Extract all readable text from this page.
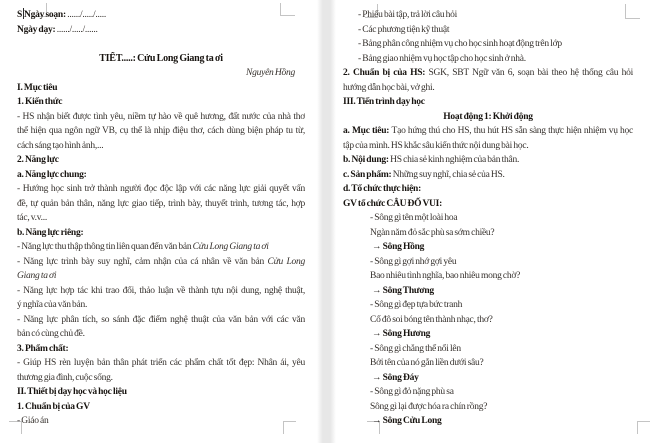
S Ngày soạn: ....../...../.....
Ngày dạy: ....../...../......
TIẾT.....: Cửu Long Giang ta ơi
Nguyên Hồng
I. Mục tiêu
1. Kiến thức
- HS nhận biết được tình yêu, niềm tự hào về quê hương, đất nước của nhà thơ
thể hiện qua ngôn ngữ VB, cụ thể là nhịp điệu thơ, cách dùng biện pháp tu từ,
cách sáng tạo hình ảnh,...
2. Năng lực
a. Năng lực chung:
- Hướng học sinh trở thành người đọc độc lập với các năng lực giải quyết vấn
đề, tự quản bản thân, năng lực giao tiếp, trình bày, thuyết trình, tương tác, hợp
tác, v.v...
b. Năng lực riêng:
- Năng lực thu thập thông tin liên quan đến văn bản Cửu Long Giang ta ơi
- Năng lực trình bày suy nghĩ, cảm nhận của cá nhân về văn bản Cửu Long
Giang ta ơi
- Năng lực hợp tác khi trao đổi, thảo luận về thành tựu nội dung, nghệ thuật,
ý nghĩa của văn bản.
- Năng lực phân tích, so sánh đặc điểm nghệ thuật của văn bản với các văn
bản có cùng chủ đề.
3. Phẩm chất:
- Giúp HS rèn luyện bản thân phát triển các phẩm chất tốt đẹp: Nhân ái, yêu
thương gia đình, cuộc sống.
II. Thiết bị dạy học và học liệu
1. Chuẩn bị của GV
- Giáo án
- Phiếu bài tập, trả lời câu hỏi
- Các phương tiện kỹ thuật
- Bảng phân công nhiệm vụ cho học sinh hoạt động trên lớp
- Bảng giao nhiệm vụ học tập cho học sinh ở nhà.
2. Chuẩn bị của HS: SGK, SBT Ngữ văn 6, soạn bài theo hệ thống câu hỏi
hướng dẫn học bài, vở ghi.
III. Tiến trình dạy học
Hoạt động 1: Khởi động
a. Mục tiêu: Tạo hứng thú cho HS, thu hút HS sẵn sàng thực hiện nhiệm vụ học
tập của mình. HS khắc sâu kiến thức nội dung bài học.
b. Nội dung: HS chia sẻ kinh nghiệm của bản thân.
c. Sản phẩm: Những suy nghĩ, chia sẻ của HS.
d. Tổ chức thực hiện:
GV tổ chức CÂU ĐỐ VUI:
- Sông gì tên một loài hoa
Ngàn năm đỏ sắc phù sa sớm chiều?
→ Sông Hồng
- Sông gì gợi nhớ gợi yêu
Bao nhiêu tình nghĩa, bao nhiêu mong chờ?
→ Sông Thương
- Sông gì đẹp tựa bức tranh
Cố đô soi bóng tên thành nhạc, thơ?
→ Sông Hương
- Sông gì chẳng thể nổi lên
Bởi tên của nó gắn liền dưới sâu?
→ Sông Đáy
- Sông gì đỏ nặng phù sa
Sông gì lại được hóa ra chín rồng?
→ Sông Cửu Long
